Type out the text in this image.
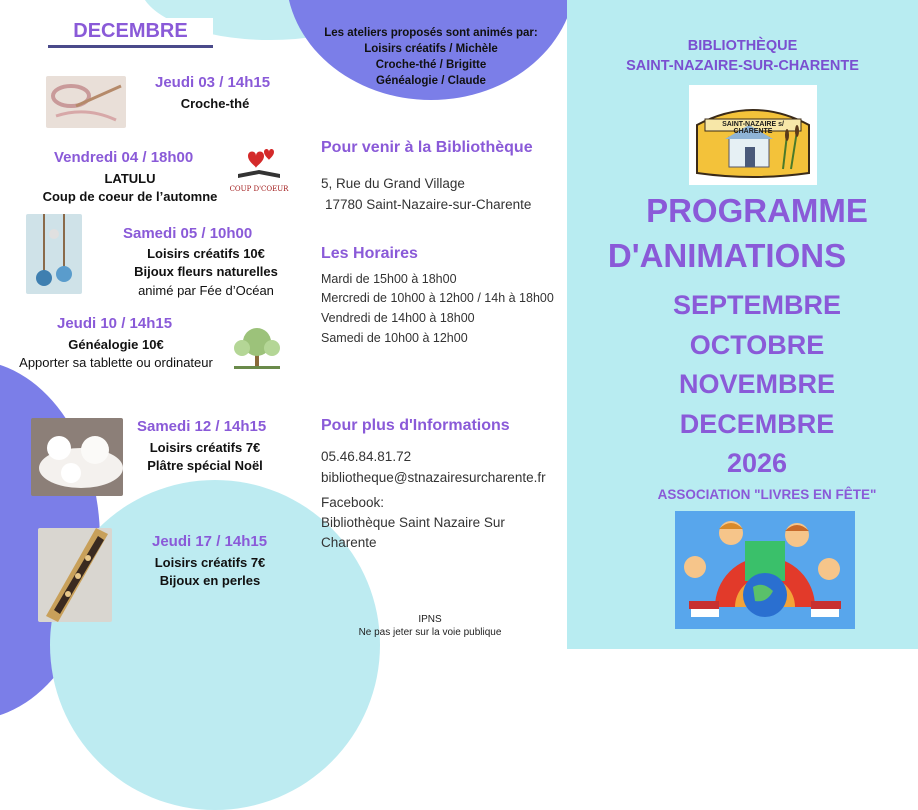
DECEMBRE	Les ateliers proposés sont animés par:
Loisirs créatifs / Michèle
Croche-thé / Brigitte
Généalogie / Claude
Jeudi 03 / 14h15
Croche-thé
Vendredi 04 / 18h00
LATULU
Coup de coeur de l’automne	COUP D'COEUR
Samedi 05 / 10h00
Loisirs créatifs 10€
Bijoux fleurs naturelles
animé par Fée d’Océan
Jeudi 10 / 14h15
Généalogie 10€
Apporter sa tablette ou ordinateur
Samedi 12 / 14h15
Loisirs créatifs 7€
Plâtre spécial Noël
Jeudi 17 / 14h15
Loisirs créatifs 7€
Bijoux en perles
Pour venir à la Bibliothèque
5, Rue du Grand Village
17780 Saint-Nazaire-sur-Charente
Les Horaires
Mardi de 15h00 à 18h00
Mercredi de 10h00 à 12h00 / 14h à 18h00
Vendredi de 14h00 à 18h00
Samedi de 10h00 à 12h00
Pour plus d'Informations
05.46.84.81.72
bibliotheque@stnazairesurcharente.fr
Facebook:
Bibliothèque Saint Nazaire Sur
Charente
IPNS
Ne pas jeter sur la voie publique
BIBLIOTHÈQUE
SAINT-NAZAIRE-SUR-CHARENTE
SAINT-NAZAIRE s/ CHARENTE
PROGRAMME
D'ANIMATIONS
SEPTEMBRE
OCTOBRE
NOVEMBRE
DECEMBRE
2026
ASSOCIATION "LIVRES EN FÊTE"
